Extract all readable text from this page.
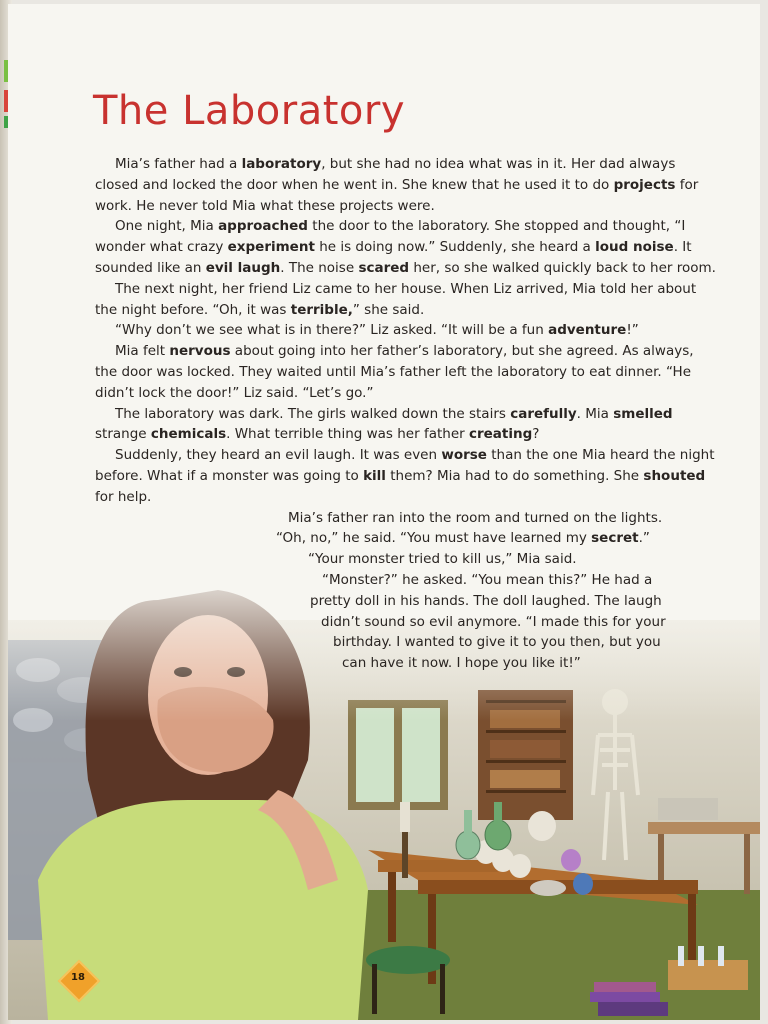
The Laboratory

Mia’s father had a laboratory, but she had no idea what was in it. Her dad always closed and locked the door when he went in. She knew that he used it to do projects for work. He never told Mia what these projects were.

One night, Mia approached the door to the laboratory. She stopped and thought, “I wonder what crazy experiment he is doing now.” Suddenly, she heard a loud noise. It sounded like an evil laugh. The noise scared her, so she walked quickly back to her room.

The next night, her friend Liz came to her house. When Liz arrived, Mia told her about the night before. “Oh, it was terrible,” she said.

“Why don’t we see what is in there?” Liz asked. “It will be a fun adventure!”

Mia felt nervous about going into her father’s laboratory, but she agreed. As always, the door was locked. They waited until Mia’s father left the laboratory to eat dinner. “He didn’t lock the door!” Liz said. “Let’s go.”

The laboratory was dark. The girls walked down the stairs carefully. Mia smelled strange chemicals. What terrible thing was her father creating?

Suddenly, they heard an evil laugh. It was even worse than the one Mia heard the night before. What if a monster was going to kill them? Mia had to do something. She shouted for help.

Mia’s father ran into the room and turned on the lights.

“Oh, no,” he said. “You must have learned my secret.”

“Your monster tried to kill us,” Mia said.

“Monster?” he asked. “You mean this?” He had a

pretty doll in his hands. The doll laughed. The laugh

didn’t sound so evil anymore. “I made this for your

birthday. I wanted to give it to you then, but you

can have it now. I hope you like it!”

18
